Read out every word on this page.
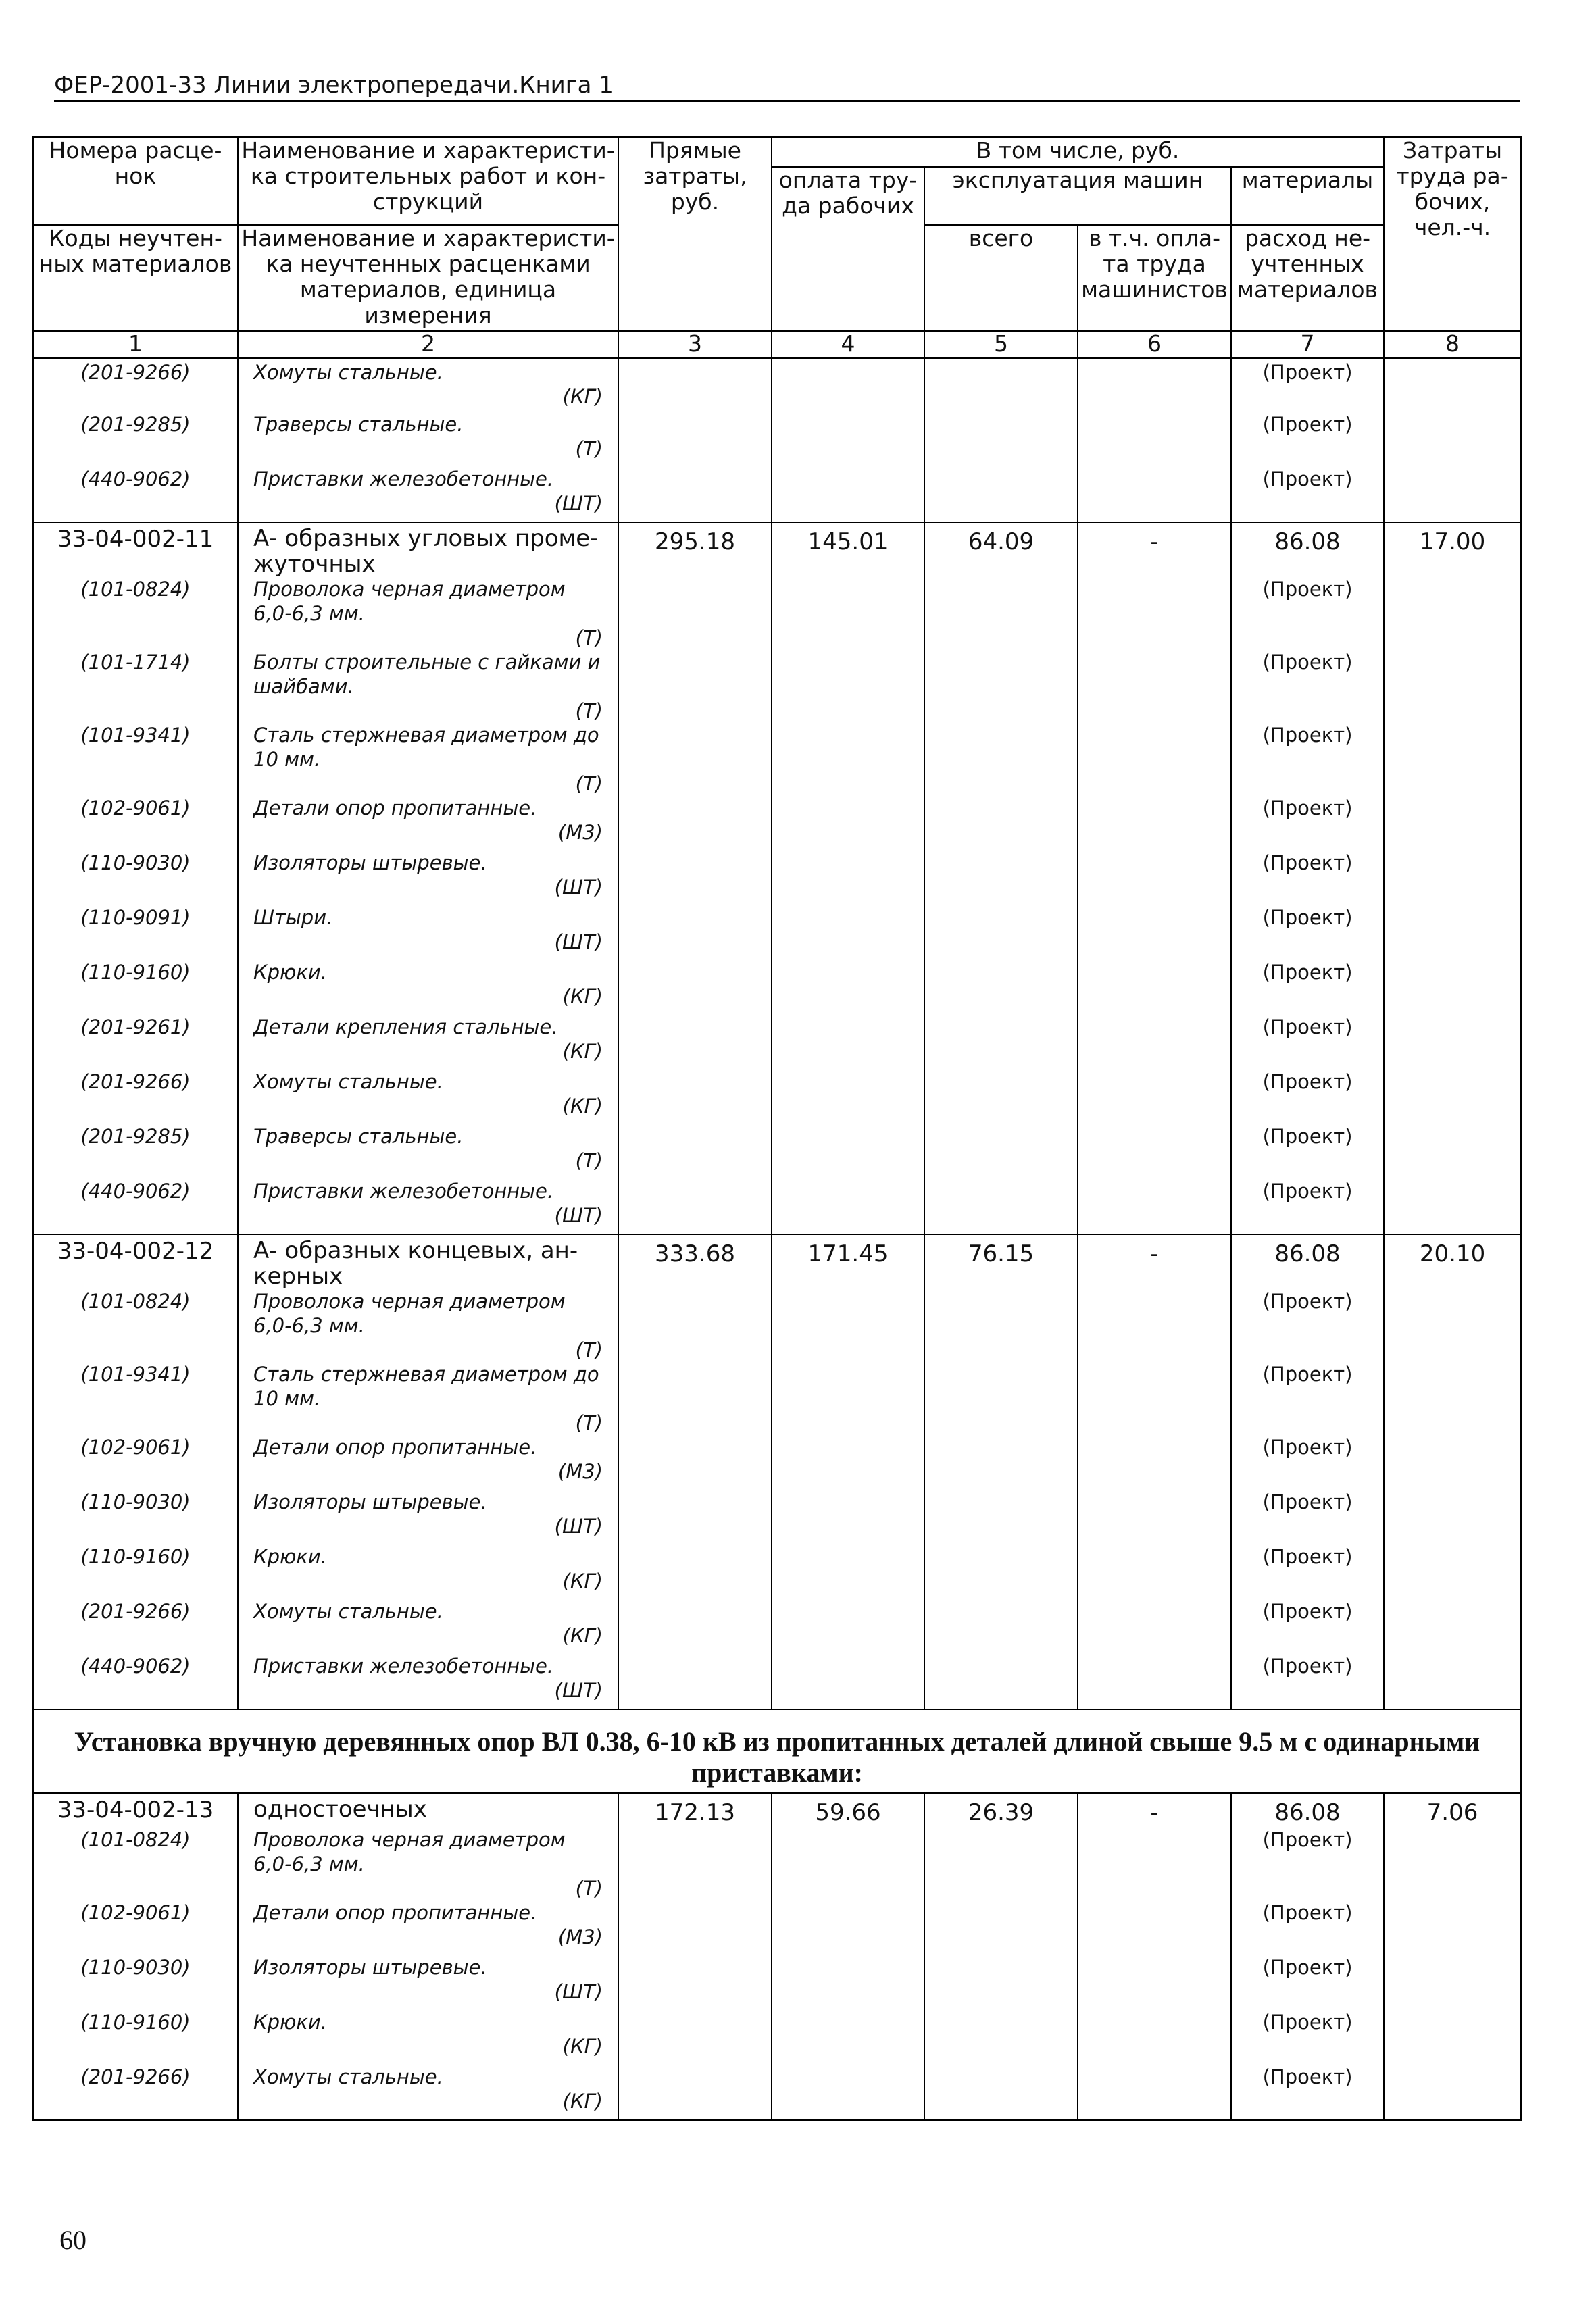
ФЕР-2001-33 Линии электропередачи.Книга 1
Номера расце-нок	Наименование и характеристи-ка строительных работ и кон-струкций	Прямые затраты, руб.	В том числе, руб.				Затраты труда ра-бочих, чел.-ч.
			оплата тру-да рабочих	эксплуатация машин		материалы	
Коды неучтен-ных материалов	Наименование и характеристи-ка неучтенных расценками материалов, единица измерения			всего	в т.ч. опла-та труда машинистов	расход не-учтенных материалов	

1	2	3	4	5	6	7	8
(201-9266)	Хомуты стальные.
(КГ)					(Проект)	
(201-9285)	Траверсы стальные.
(Т)					(Проект)	
(440-9062)	Приставки железобетонные.
(ШТ)					(Проект)	
33-04-002-11	А- образных угловых проме-жуточных	295.18	145.01	64.09	-	86.08	17.00
(101-0824)	Проволока черная диаметром 6,0-6,3 мм.
(Т)					(Проект)	
(101-1714)	Болты строительные с гайками и шайбами.
(Т)					(Проект)	
(101-9341)	Сталь стержневая диаметром до 10 мм.
(Т)					(Проект)	
(102-9061)	Детали опор пропитанные.
(М3)					(Проект)	
(110-9030)	Изоляторы штыревые.
(ШТ)					(Проект)	
(110-9091)	Штыри.
(ШТ)					(Проект)	
(110-9160)	Крюки.
(КГ)					(Проект)	
(201-9261)	Детали крепления стальные.
(КГ)					(Проект)	
(201-9266)	Хомуты стальные.
(КГ)					(Проект)	
(201-9285)	Траверсы стальные.
(Т)					(Проект)	
(440-9062)	Приставки железобетонные.
(ШТ)					(Проект)	
33-04-002-12	А- образных концевых, ан-керных	333.68	171.45	76.15	-	86.08	20.10
(101-0824)	Проволока черная диаметром 6,0-6,3 мм.
(Т)					(Проект)	
(101-9341)	Сталь стержневая диаметром до 10 мм.
(Т)					(Проект)	
(102-9061)	Детали опор пропитанные.
(М3)					(Проект)	
(110-9030)	Изоляторы штыревые.
(ШТ)					(Проект)	
(110-9160)	Крюки.
(КГ)					(Проект)	
(201-9266)	Хомуты стальные.
(КГ)					(Проект)	
(440-9062)	Приставки железобетонные.
(ШТ)					(Проект)	
Установка вручную деревянных опор ВЛ 0.38, 6-10 кВ из пропитанных деталей длиной свыше 9.5 м с одинарными приставками:							
33-04-002-13	одностоечных	172.13	59.66	26.39	-	86.08	7.06
(101-0824)	Проволока черная диаметром 6,0-6,3 мм.
(Т)					(Проект)	
(102-9061)	Детали опор пропитанные.
(М3)					(Проект)	
(110-9030)	Изоляторы штыревые.
(ШТ)					(Проект)	
(110-9160)	Крюки.
(КГ)					(Проект)	
(201-9266)	Хомуты стальные.
(КГ)					(Проект)	
60
